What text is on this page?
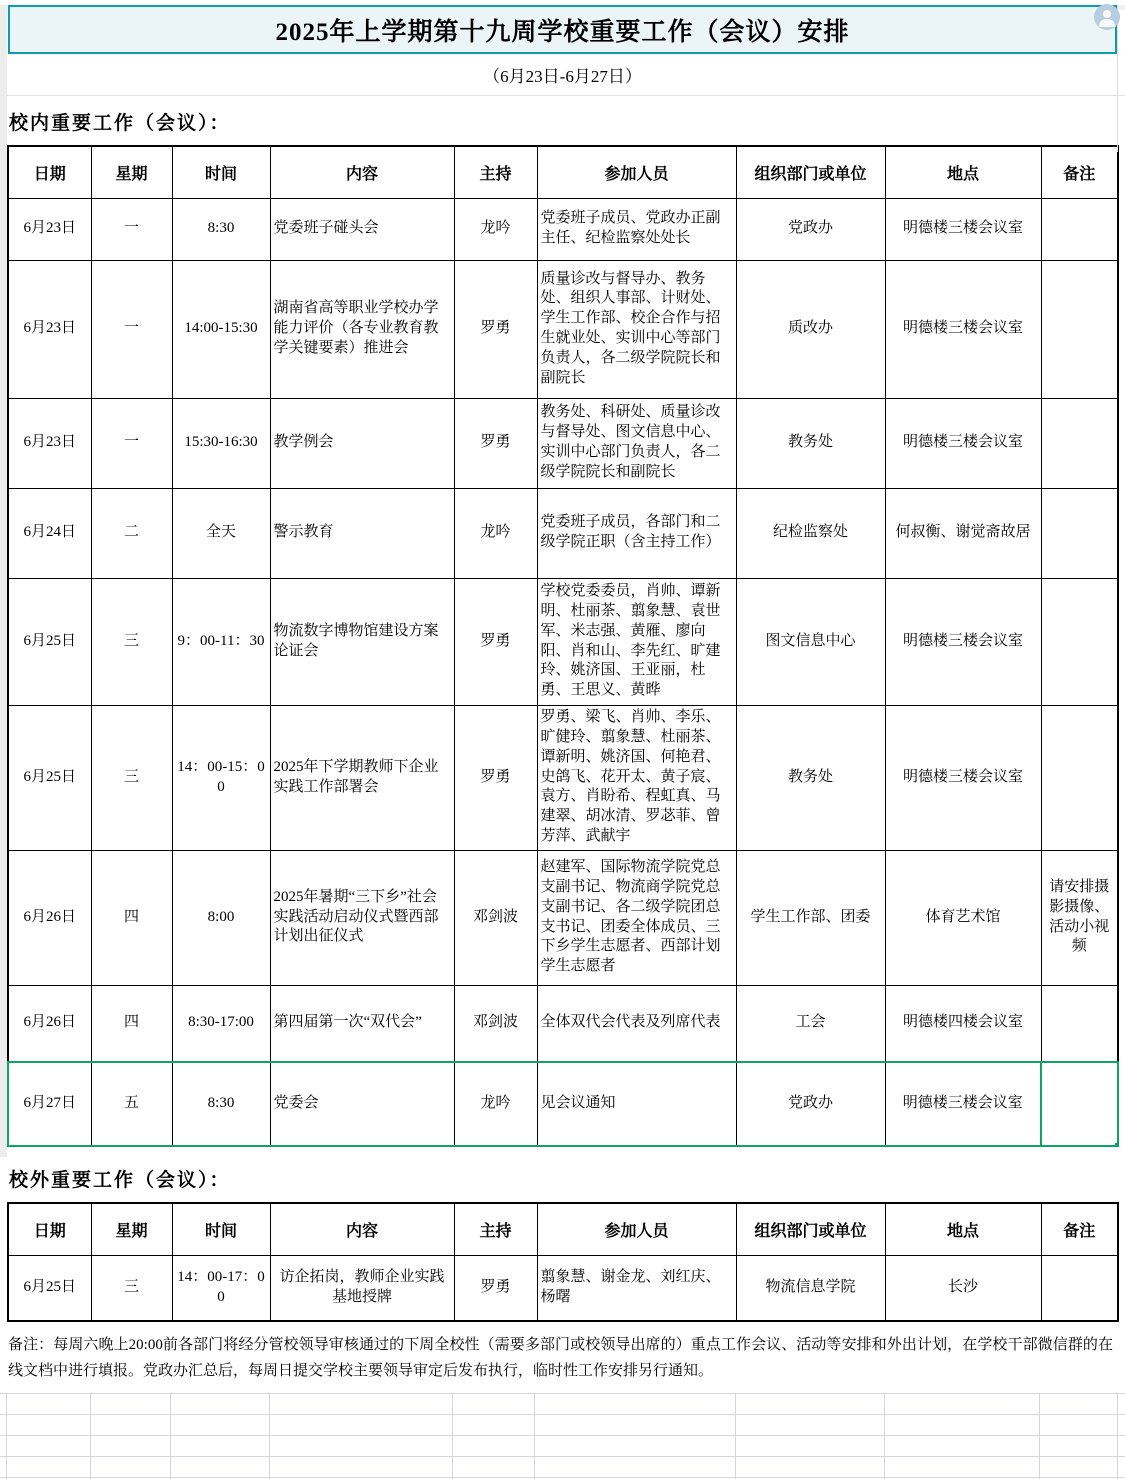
2025年上学期第十九周学校重要工作（会议）安排
（6月23日-6月27日）
校内重要工作（会议）：
日期	星期	时间	内容	主持	参加人员	组织部门或单位	地点	备注
6月23日	一	8:30	党委班子碰头会	龙吟	党委班子成员、党政办正副主任、纪检监察处处长	党政办	明德楼三楼会议室	
6月23日	一	14:00-15:30	湖南省高等职业学校办学能力评价（各专业教育教学关键要素）推进会	罗勇	质量诊改与督导办、教务处、组织人事部、计财处、学生工作部、校企合作与招生就业处、实训中心等部门负责人，各二级学院院长和副院长	质改办	明德楼三楼会议室	
6月23日	一	15:30-16:30	教学例会	罗勇	教务处、科研处、质量诊改与督导处、图文信息中心、实训中心部门负责人，各二级学院院长和副院长	教务处	明德楼三楼会议室	
6月24日	二	全天	警示教育	龙吟	党委班子成员，各部门和二级学院正职（含主持工作）	纪检监察处	何叔衡、谢觉斋故居	
6月25日	三	9：00-11：30	物流数字博物馆建设方案论证会	罗勇	学校党委委员，肖帅、谭新明、杜丽茶、翦象慧、袁世军、米志强、黄雁、廖向阳、肖和山、李先红、旷建玲、姚济国、王亚丽，杜勇、王思义、黄晔	图文信息中心	明德楼三楼会议室	
6月25日	三	14：00-15：00	2025年下学期教师下企业实践工作部署会	罗勇	罗勇、梁飞、肖帅、李乐、旷健玲、翦象慧、杜丽茶、谭新明、姚济国、何艳君、史鸽飞、花开太、黄子宸、袁方、肖盼希、程虹真、马建翠、胡冰清、罗苾菲、曾芳萍、武献宇	教务处	明德楼三楼会议室	
6月26日	四	8:00	2025年暑期“三下乡”社会实践活动启动仪式暨西部计划出征仪式	邓剑波	赵建军、国际物流学院党总支副书记、物流商学院党总支副书记、各二级学院团总支书记、团委全体成员、三下乡学生志愿者、西部计划学生志愿者	学生工作部、团委	体育艺术馆	请安排摄影摄像、活动小视频
6月26日	四	8:30-17:00	第四届第一次“双代会”	邓剑波	全体双代会代表及列席代表	工会	明德楼四楼会议室	
6月27日	五	8:30	党委会	龙吟	见会议通知	党政办	明德楼三楼会议室	
校外重要工作（会议）：
日期	星期	时间	内容	主持	参加人员	组织部门或单位	地点	备注
6月25日	三	14：00-17：00	访企拓岗，教师企业实践基地授牌	罗勇	翦象慧、谢金龙、刘红庆、杨曙	物流信息学院	长沙	
备注：每周六晚上20:00前各部门将经分管校领导审核通过的下周全校性（需要多部门或校领导出席的）重点工作会议、活动等安排和外出计划，在学校干部微信群的在线文档中进行填报。党政办汇总后，每周日提交学校主要领导审定后发布执行，临时性工作安排另行通知。
